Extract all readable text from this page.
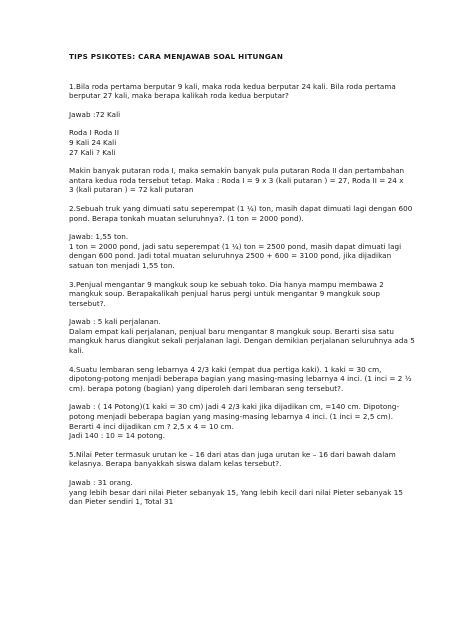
TIPS PSIKOTES: CARA MENJAWAB SOAL HITUNGAN
1.Bila roda pertama berputar 9 kali, maka roda kedua berputar 24 kali. Bila roda pertama
berputar 27 kali, maka berapa kalikah roda kedua berputar?
Jawab :72 Kali
Roda I Roda II
9 Kali 24 Kali
27 Kali ? Kali
Makin banyak putaran roda I, maka semakin banyak pula putaran Roda II dan pertambahan
antara kedua roda tersebut tetap. Maka : Roda I = 9 x 3 (kali putaran ) = 27, Roda II = 24 x
3 (kali putaran ) = 72 kali putaran
2.Sebuah truk yang dimuati satu seperempat (1 ¼) ton, masih dapat dimuati lagi dengan 600
pond. Berapa tonkah muatan seluruhnya?. (1 ton = 2000 pond).
Jawab: 1,55 ton.
1 ton = 2000 pond, jadi satu seperempat (1 ¼) ton = 2500 pond, masih dapat dimuati lagi
dengan 600 pond. Jadi total muatan seluruhnya 2500 + 600 = 3100 pond, jika dijadikan
satuan ton menjadi 1,55 ton.
3.Penjual mengantar 9 mangkuk soup ke sebuah toko. Dia hanya mampu membawa 2
mangkuk soup. Berapakalikah penjual harus pergi untuk mengantar 9 mangkuk soup
tersebut?.
Jawab : 5 kali perjalanan.
Dalam empat kali perjalanan, penjual baru mengantar 8 mangkuk soup. Berarti sisa satu
mangkuk harus diangkut sekali perjalanan lagi. Dengan demikian perjalanan seluruhnya ada 5
kali.
4.Suatu lembaran seng lebarnya 4 2/3 kaki (empat dua pertiga kaki). 1 kaki = 30 cm,
dipotong-potong menjadi beberapa bagian yang masing-masing lebarnya 4 inci. (1 inci = 2 ½
cm). berapa potong (bagian) yang diperoleh dari lembaran seng tersebut?.
Jawab : ( 14 Potong)(1 kaki = 30 cm) jadi 4 2/3 kaki jika dijadikan cm, =140 cm. Dipotong-
potong menjadi beberapa bagian yang masing-masing lebarnya 4 inci. (1 inci = 2,5 cm).
Berarti 4 inci dijadikan cm ? 2,5 x 4 = 10 cm.
Jadi 140 : 10 = 14 potong.
5.Nilai Peter termasuk urutan ke – 16 dari atas dan juga urutan ke – 16 dari bawah dalam
kelasnya. Berapa banyakkah siswa dalam kelas tersebut?.
Jawab : 31 orang.
yang lebih besar dari nilai Pieter sebanyak 15, Yang lebih kecil dari nilai Pieter sebanyak 15
dan Pieter sendiri 1, Total 31
